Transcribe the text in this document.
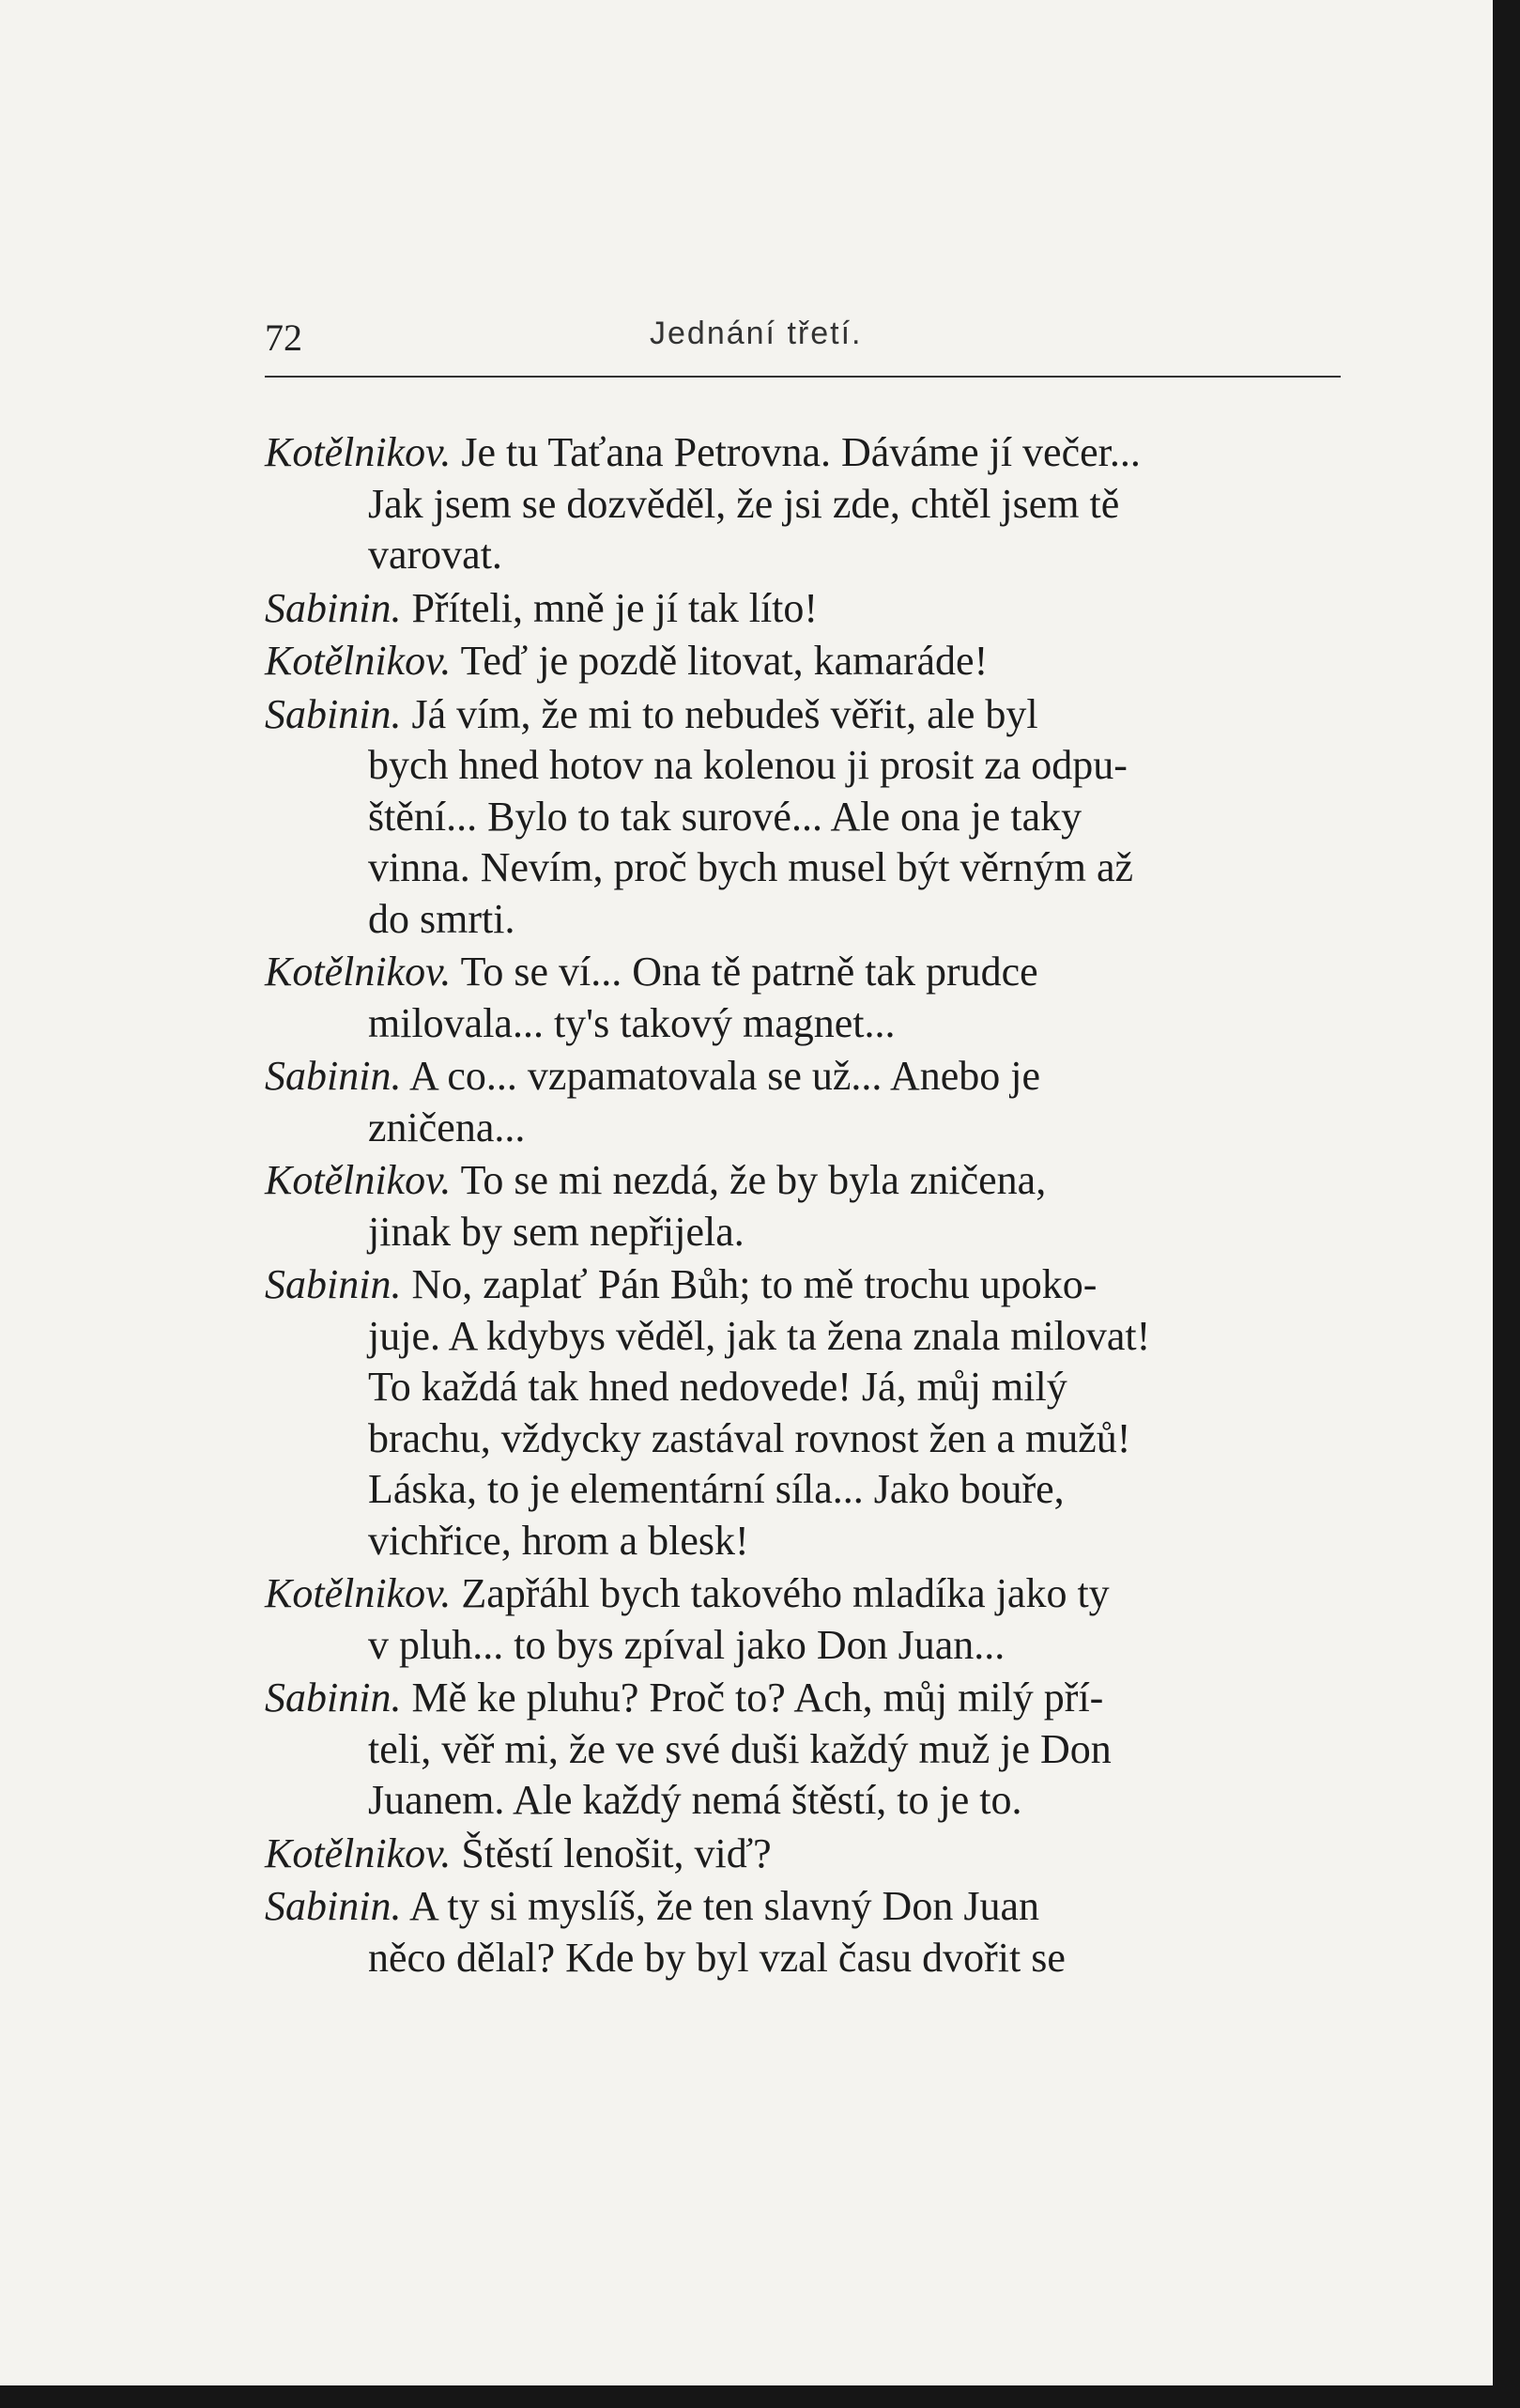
72	Jednání třetí.
Kotělnikov. Je tu Taťana Petrovna. Dáváme jí večer...
Jak jsem se dozvěděl, že jsi zde, chtěl jsem tě
varovat.
Sabinin. Příteli, mně je jí tak líto!
Kotělnikov. Teď je pozdě litovat, kamaráde!
Sabinin. Já vím, že mi to nebudeš věřit, ale byl
bych hned hotov na kolenou ji prosit za odpu-
štění... Bylo to tak surové... Ale ona je taky
vinna. Nevím, proč bych musel být věrným až
do smrti.
Kotělnikov. To se ví... Ona tě patrně tak prudce
milovala... ty's takový magnet...
Sabinin. A co... vzpamatovala se už... Anebo je
zničena...
Kotělnikov. To se mi nezdá, že by byla zničena,
jinak by sem nepřijela.
Sabinin. No, zaplať Pán Bůh; to mě trochu upoko-
juje. A kdybys věděl, jak ta žena znala milovat!
To každá tak hned nedovede! Já, můj milý
brachu, vždycky zastával rovnost žen a mužů!
Láska, to je elementární síla... Jako bouře,
vichřice, hrom a blesk!
Kotělnikov. Zapřáhl bych takového mladíka jako ty
v pluh... to bys zpíval jako Don Juan...
Sabinin. Mě ke pluhu? Proč to? Ach, můj milý pří-
teli, věř mi, že ve své duši každý muž je Don
Juanem. Ale každý nemá štěstí, to je to.
Kotělnikov. Štěstí lenošit, viď?
Sabinin. A ty si myslíš, že ten slavný Don Juan
něco dělal? Kde by byl vzal času dvořit se
